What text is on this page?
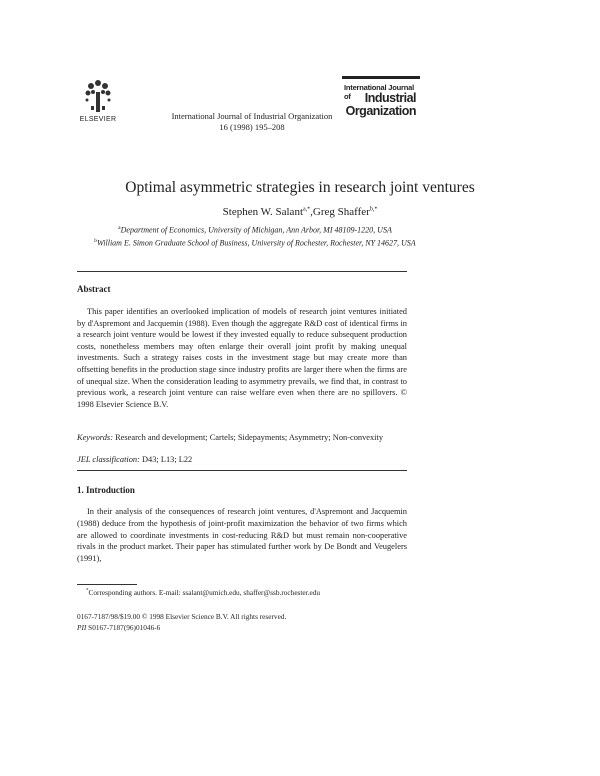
ELSEVIER	International Journal of Industrial Organization
16 (1998) 195–208
International Journal of	Industrial
Organization
Optimal asymmetric strategies in research joint ventures
Stephen W. Salant$^{a,*}$,Greg Shaffer$^{b,*}$
$^a$Department of Economics, University of Michigan, Ann Arbor, MI 48109-1220, USA
$^b$William E. Simon Graduate School of Business, University of Rochester, Rochester, NY 14627, USA
Abstract
This paper identifies an overlooked implication of models of research joint ventures initiated by d'Aspremont and Jacquemin (1988). Even though the aggregate R&D cost of identical firms in a research joint venture would be lowest if they invested equally to reduce subsequent production costs, nonetheless members may often enlarge their overall joint profit by making unequal investments. Such a strategy raises costs in the investment stage but may create more than offsetting benefits in the production stage since industry profits are larger there when the firms are of unequal size. When the consideration leading to asymmetry prevails, we find that, in contrast to previous work, a research joint venture can raise welfare even when there are no spillovers. © 1998 Elsevier Science B.V.
Keywords: Research and development; Cartels; Sidepayments; Asymmetry; Non-convexity
JEL classification: D43; L13; L22
1. Introduction
In their analysis of the consequences of research joint ventures, d'Aspremont and Jacquemin (1988) deduce from the hypothesis of joint-profit maximization the behavior of two firms which are allowed to coordinate investments in cost-reducing R&D but must remain non-cooperative rivals in the product market. Their paper has stimulated further work by De Bondt and Veugelers (1991),
*Corresponding authors. E-mail: ssalant@umich.edu, shaffer@ssb.rochester.edu
0167-7187/98/$19.00 © 1998 Elsevier Science B.V. All rights reserved.
PII S0167-7187(96)01046-6
